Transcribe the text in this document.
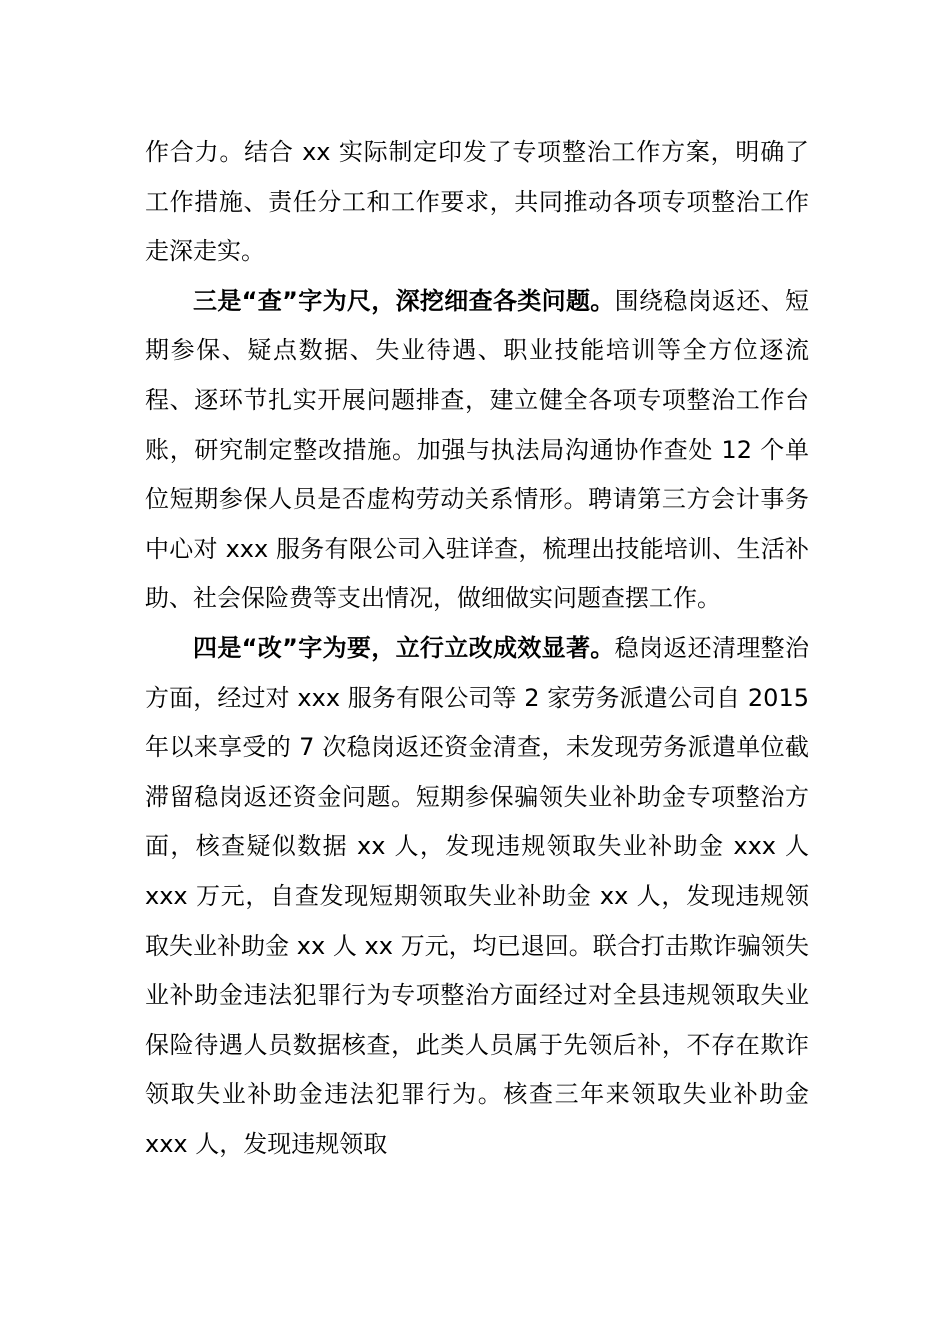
作合力。结合 xx 实际制定印发了专项整治工作方案，明确了工作措施、责任分工和工作要求，共同推动各项专项整治工作走深走实。

三是“查”字为尺，深挖细查各类问题。围绕稳岗返还、短期参保、疑点数据、失业待遇、职业技能培训等全方位逐流程、逐环节扎实开展问题排查，建立健全各项专项整治工作台账，研究制定整改措施。加强与执法局沟通协作查处 12 个单位短期参保人员是否虚构劳动关系情形。聘请第三方会计事务中心对 xxx 服务有限公司入驻详查，梳理出技能培训、生活补助、社会保险费等支出情况，做细做实问题查摆工作。

四是“改”字为要，立行立改成效显著。稳岗返还清理整治方面，经过对 xxx 服务有限公司等 2 家劳务派遣公司自 2015 年以来享受的 7 次稳岗返还资金清查，未发现劳务派遣单位截滞留稳岗返还资金问题。短期参保骗领失业补助金专项整治方面，核查疑似数据 xx 人，发现违规领取失业补助金 xxx 人 xxx 万元，自查发现短期领取失业补助金 xx 人，发现违规领取失业补助金 xx 人 xx 万元，均已退回。联合打击欺诈骗领失业补助金违法犯罪行为专项整治方面经过对全县违规领取失业保险待遇人员数据核查，此类人员属于先领后补，不存在欺诈领取失业补助金违法犯罪行为。核查三年来领取失业补助金 xxx 人，发现违规领取
